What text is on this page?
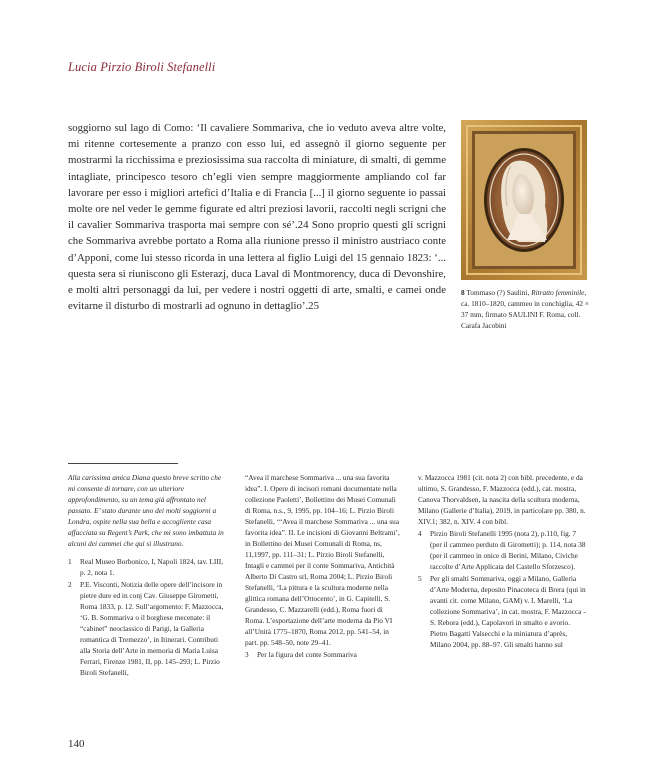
Lucia Pirzio Biroli Stefanelli

soggiorno sul lago di Como: ‘Il cavaliere Sommariva, che io veduto aveva altre volte, mi ritenne cortesemente a pranzo con esso lui, ed assegnò il giorno seguente per mostrarmi la ricchissima e preziosissima sua raccolta di miniature, di smalti, di gemme intagliate, principesco tesoro ch’egli vien sempre maggiormente ampliando col far lavorare per esso i migliori artefici d’Italia e di Francia [...] il giorno seguente io passai molte ore nel veder le gemme figurate ed altri preziosi lavorii, raccolti negli scrigni che il cavalier Sommariva trasporta mai sempre con sé’.24 Sono proprio questi gli scrigni che Sommariva avrebbe portato a Roma alla riunione presso il ministro austriaco conte d’Apponi, come lui stesso ricorda in una lettera al figlio Luigi del 15 gennaio 1823: ‘... questa sera si riuniscono gli Esterazj, duca Laval di Montmorency, duca di Devonshire, e molti altri personaggi da lui, per vedere i nostri oggetti di arte, smalti, e camei onde evitarne il disturbo di mostrarli ad ognuno in dettaglio’.25

8 Tommaso (?) Saulini, Ritratto femminile, ca. 1810–1820, cammeo in conchiglia, 42 × 37 mm, firmato SAULINI F. Roma, coll. Carafa Jacobini
Alla carissima amica Diana questo breve scritto che mi consente di tornare, con un ulteriore approfondimento, su un tema già affrontato nel passato. E’ stato durante uno dei molti soggiorni a Londra, ospite nella sua bella e accogliente casa affacciata su Regent’s Park, che mi sono imbattuta in alcuni dei cammei che qui si illustrano.
1 Real Museo Borbonico, I, Napoli 1824, tav. LIII, p. 2, nota 1.
2 P.E. Visconti, Notizia delle opere dell’incisore in pietre dure ed in conj Cav. Giuseppe Girometti, Roma 1833, p. 12. Sull’argomento: F. Mazzocca, ‘G. B. Sommariva o il borghese mecenate: il “cabinet” neoclassico di Parigi, la Galleria romantica di Tremezzo’, in Itinerari. Contributi alla Storia dell’Arte in memoria di Maria Luisa Ferrari, Firenze 1981, II, pp. 145–293; L. Pirzio Biroli Stefanelli,
“Avea il marchese Sommariva ... una sua favorita idea”. I. Opere di incisori romani documentate nella collezione Paoletti’, Bollettino dei Musei Comunali di Roma, n.s., 9, 1995, pp. 104–16; L. Pirzio Biroli Stefanelli, ‘“Avea il marchese Sommariva ... una sua favorita idea”. II. Le incisioni di Giovanni Beltrami’, in Bollettino dei Musei Comunali di Roma, ns, 11,1997, pp. 111–31; L. Pirzio Biroli Stefanelli, Intagli e cammei per il conte Sommariva, Antichità Alberto Di Castro srl, Roma 2004; L. Pirzio Biroli Stefanelli, ‘La pittura e la scultura moderne nella glittica romana dell’Ottocento’, in G. Capitelli, S. Grandesso, C. Mazzarelli (edd.), Roma fuori di Roma. L’esportazione dell’arte moderna da Pio VI all’Unità 1775–1870, Roma 2012, pp. 541–54, in part. pp. 548–50, note 29–41.
3 Per la figura del conte Sommariva
v. Mazzocca 1981 (cit. nota 2) con bibl. precedente, e da ultimo, S. Grandesso, F. Mazzocca (edd.), cat. mostra, Canova Thorvaldsen, la nascita della scultura moderna, Milano (Gallerie d’Italia), 2019, in particolare pp. 380, n. XIV.1; 382, n. XIV. 4 con bibl.
4 Pirzio Biroli Stefanelli 1995 (nota 2), p.110, fig. 7 (per il cammeo perduto di Girometti); p. 114, nota 38 (per il cammeo in onice di Berini, Milano, Civiche raccolte d’Arte Applicata del Castello Sforzesco).
5 Per gli smalti Sommariva, oggi a Milano, Galleria d’Arte Moderna, deposito Pinacoteca di Brera (qui in avanti cit. come Milano, GAM) v. I. Marelli, ‘La collezione Sommariva’, in cat. mostra, F. Mazzocca - S. Rebora (edd.), Capolavori in smalto e avorio. Pietro Bagatti Valsecchi e la miniatura d’après, Milano 2004, pp. 88–97. Gli smalti hanno sul
140
